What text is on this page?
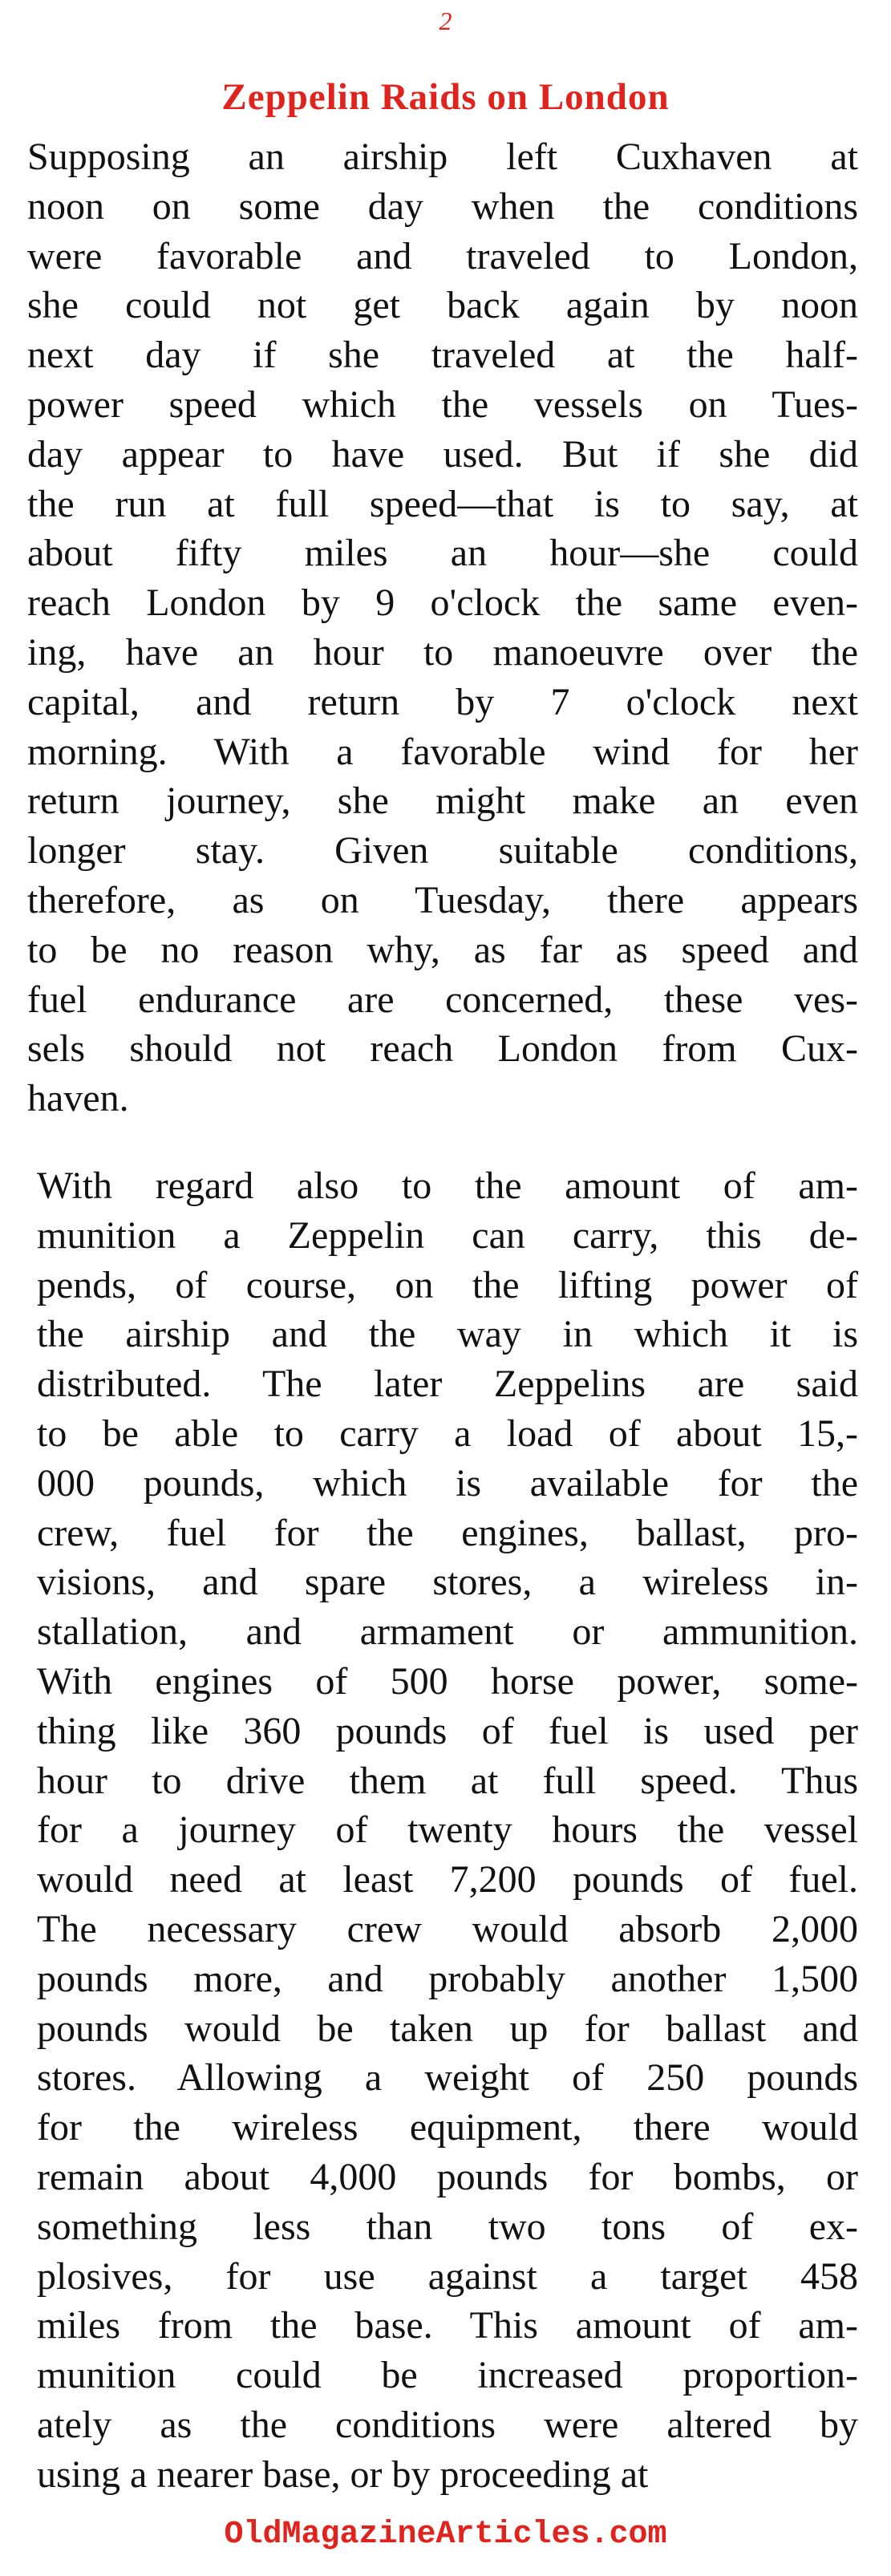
2
Zeppelin Raids on London
Supposing an airship left Cuxhaven at
noon on some day when the conditions
were favorable and traveled to London,
she could not get back again by noon
next day if she traveled at the half-
power speed which the vessels on Tues-
day appear to have used. But if she did
the run at full speed—that is to say, at
about fifty miles an hour—she could
reach London by 9 o'clock the same even-
ing, have an hour to manoeuvre over the
capital, and return by 7 o'clock next
morning. With a favorable wind for her
return journey, she might make an even
longer stay. Given suitable conditions,
therefore, as on Tuesday, there appears
to be no reason why, as far as speed and
fuel endurance are concerned, these ves-
sels should not reach London from Cux-
haven.
With regard also to the amount of am-
munition a Zeppelin can carry, this de-
pends, of course, on the lifting power of
the airship and the way in which it is
distributed. The later Zeppelins are said
to be able to carry a load of about 15,-
000 pounds, which is available for the
crew, fuel for the engines, ballast, pro-
visions, and spare stores, a wireless in-
stallation, and armament or ammunition.
With engines of 500 horse power, some-
thing like 360 pounds of fuel is used per
hour to drive them at full speed. Thus
for a journey of twenty hours the vessel
would need at least 7,200 pounds of fuel.
The necessary crew would absorb 2,000
pounds more, and probably another 1,500
pounds would be taken up for ballast and
stores. Allowing a weight of 250 pounds
for the wireless equipment, there would
remain about 4,000 pounds for bombs, or
something less than two tons of ex-
plosives, for use against a target 458
miles from the base. This amount of am-
munition could be increased proportion-
ately as the conditions were altered by
using a nearer base, or by proceeding at
OldMagazineArticles.com
